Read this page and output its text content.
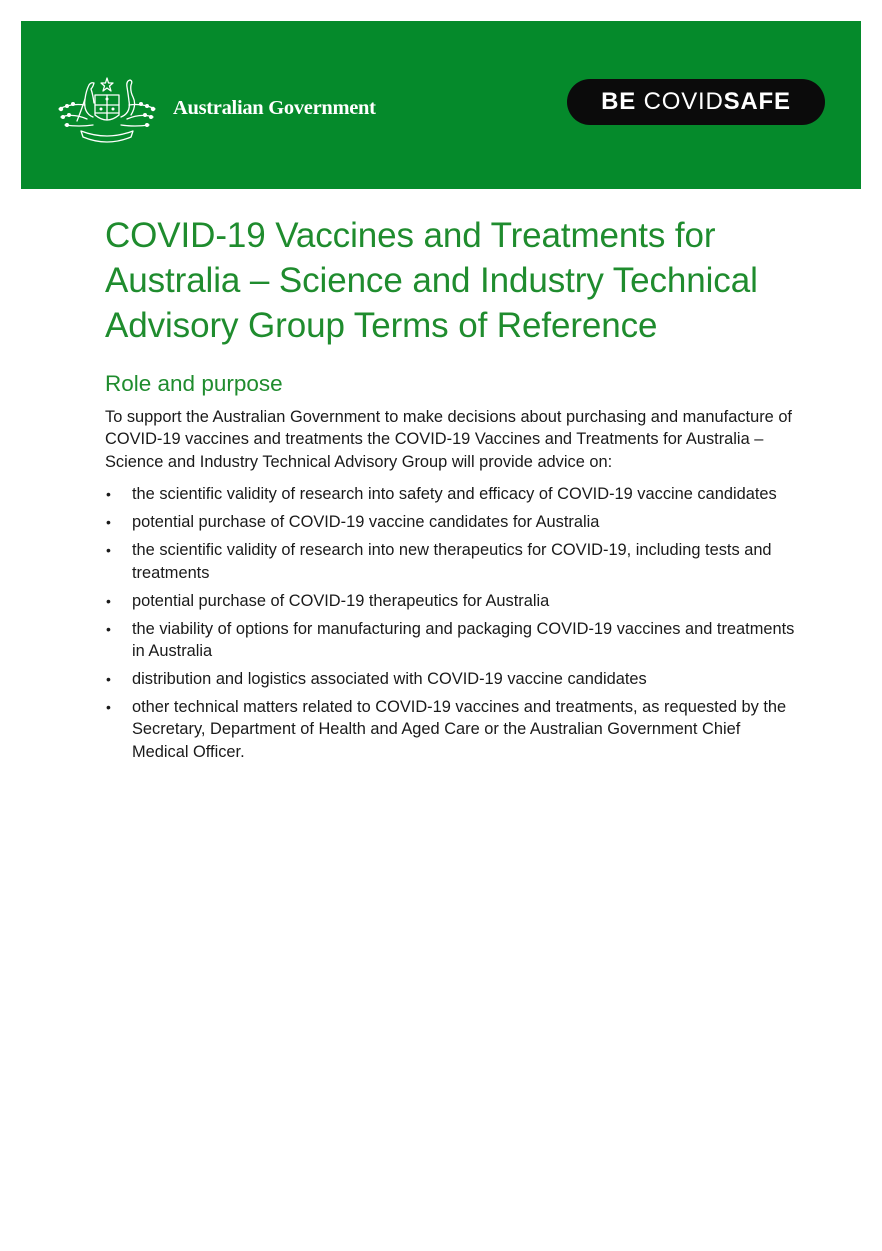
Australian Government	BE COVIDSAFE
COVID-19 Vaccines and Treatments for
Australia – Science and Industry Technical
Advisory Group Terms of Reference
Role and purpose

To support the Australian Government to make decisions about purchasing and manufacture of COVID-19 vaccines and treatments the COVID-19 Vaccines and Treatments for Australia – Science and Industry Technical Advisory Group will provide advice on:

•	the scientific validity of research into safety and efficacy of COVID-19 vaccine candidates
•	potential purchase of COVID-19 vaccine candidates for Australia
•	the scientific validity of research into new therapeutics for COVID-19, including tests and treatments
•	potential purchase of COVID-19 therapeutics for Australia
•	the viability of options for manufacturing and packaging COVID-19 vaccines and treatments in Australia
•	distribution and logistics associated with COVID-19 vaccine candidates
•	other technical matters related to COVID-19 vaccines and treatments, as requested by the Secretary, Department of Health and Aged Care or the Australian Government Chief Medical Officer.
